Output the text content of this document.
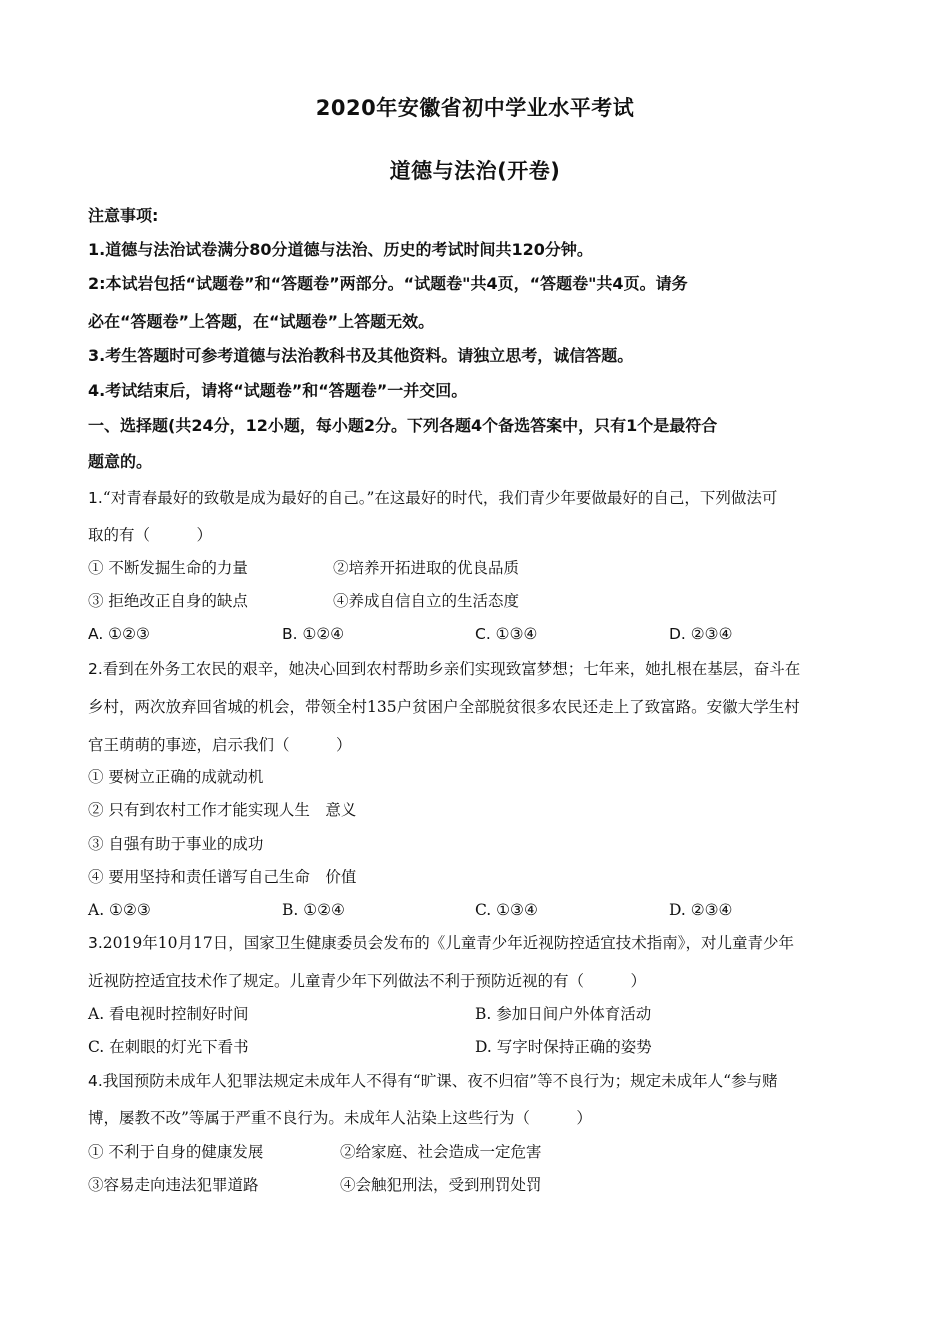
2020年安徽省初中学业水平考试
道德与法治(开卷)
注意事项:
1.道德与法治试卷满分80分道德与法治、历史的考试时间共120分钟。
2:本试岩包括“试题卷”和“答题卷”两部分。“试题卷"共4页，“答题卷"共4页。请务
必在“答题卷”上答题，在“试题卷”上答题无效。
3.考生答题时可参考道德与法治教科书及其他资料。请独立思考，诚信答题。
4.考试结束后，请将“试题卷”和“答题卷”一并交回。
一、选择题(共24分，12小题，每小题2分。下列各题4个备选答案中，只有1个是最符合
题意的。
1.“对青春最好的致敬是成为最好的自己。”在这最好的时代，我们青少年要做最好的自己，下列做法可
取的有（　　　）
① 不断发掘生命的力量	②培养开拓进取的优良品质
③ 拒绝改正自身的缺点	④养成自信自立的生活态度
A. ①②③	B. ①②④	C. ①③④	D. ②③④
2.看到在外务工农民的艰辛，她决心回到农村帮助乡亲们实现致富梦想；七年来，她扎根在基层，奋斗在
乡村，两次放弃回省城的机会，带领全村135户贫困户全部脱贫很多农民还走上了致富路。安徽大学生村
官王萌萌的事迹，启示我们（　　　）
① 要树立正确的成就动机
② 只有到农村工作才能实现人生　意义
③ 自强有助于事业的成功
④ 要用坚持和责任谱写自己生命　价值
A. ①②③	B. ①②④	C. ①③④	D. ②③④
3.2019年10月17日，国家卫生健康委员会发布的《儿童青少年近视防控适宜技术指南》，对儿童青少年
近视防控适宜技术作了规定。儿童青少年下列做法不利于预防近视的有（　　　）
A. 看电视时控制好时间	B. 参加日间户外体育活动
C. 在刺眼的灯光下看书	D. 写字时保持正确的姿势
4.我国预防未成年人犯罪法规定未成年人不得有“旷课、夜不归宿”等不良行为；规定未成年人“参与赌
博，屡教不改”等属于严重不良行为。未成年人沾染上这些行为（　　　）
① 不利于自身的健康发展	②给家庭、社会造成一定危害
③容易走向违法犯罪道路	④会触犯刑法，受到刑罚处罚
